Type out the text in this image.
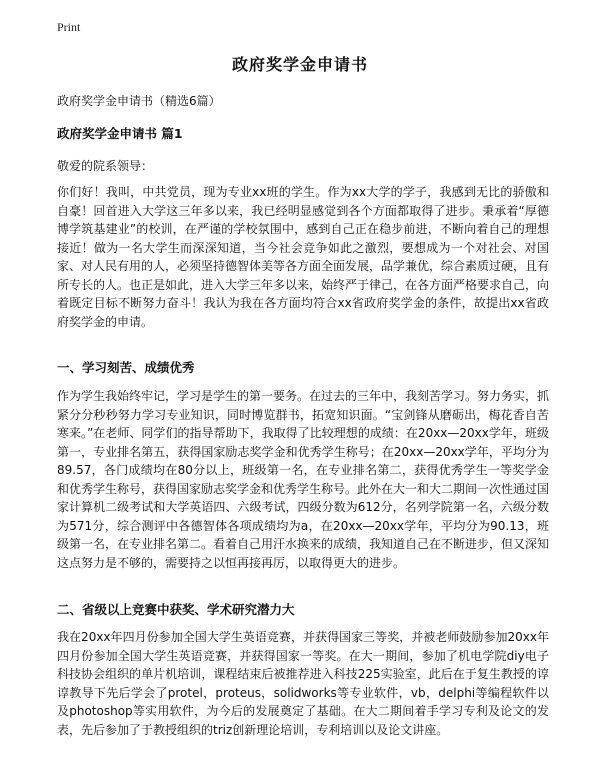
Print
政府奖学金申请书
政府奖学金申请书（精选6篇）
政府奖学金申请书 篇1
敬爱的院系领导：

你们好！我叫，中共党员，现为专业xx班的学生。作为xx大学的学子，我感到无比的骄傲和自豪！回首进入大学这三年多以来，我已经明显感觉到各个方面都取得了进步。秉承着“厚德博学筑基建业”的校训，在严谨的学校氛围中，感到自己正在稳步前进，不断向着自己的理想接近！做为一名大学生而深深知道，当今社会竞争如此之激烈，要想成为一个对社会、对国家、对人民有用的人，必须坚持德智体美等各方面全面发展，品学兼优，综合素质过硬，且有所专长的人。也正是如此，进入大学三年多以来，始终严于律己，在各方面严格要求自己，向着既定目标不断努力奋斗！我认为我在各方面均符合xx省政府奖学金的条件，故提出xx省政府奖学金的申请。

一、学习刻苦、成绩优秀

作为学生我始终牢记，学习是学生的第一要务。在过去的三年中，我刻苦学习。努力务实，抓紧分分秒秒努力学习专业知识，同时博览群书，拓宽知识面。“宝剑锋从磨砺出，梅花香自苦寒来。”在老师、同学们的指导帮助下，我取得了比较理想的成绩：在20xx—20xx学年，班级第一，专业排名第五，获得国家励志奖学金和优秀学生称号；在20xx—20xx学年，平均分为89.57，各门成绩均在80分以上，班级第一名，在专业排名第二，获得优秀学生一等奖学金和优秀学生称号，获得国家励志奖学金和优秀学生称号。此外在大一和大二期间一次性通过国家计算机二级考试和大学英语四、六级考试，四级分数为612分，名列学院第一名，六级分数为571分，综合测评中各德智体各项成绩均为a，在20xx—20xx学年，平均分为90.13，班级第一名，在专业排名第二。看着自己用汗水换来的成绩，我知道自己在不断进步，但又深知这点努力是不够的，需要持之以恒再接再厉，以取得更大的进步。

二、省级以上竞赛中获奖、学术研究潜力大

我在20xx年四月份参加全国大学生英语竞赛，并获得国家三等奖，并被老师鼓励参加20xx年四月份参加全国大学生英语竞赛，并获得国家一等奖。在大一期间，参加了机电学院diy电子科技协会组织的单片机培训，课程结束后被推荐进入科技225实验室，此后在于复生教授的谆谆教导下先后学会了protel，proteus，solidworks等专业软件，vb，delphi等编程软件以及photoshop等实用软件，为今后的发展奠定了基础。在大二期间着手学习专利及论文的发表，先后参加了于教授组织的triz创新理论培训，专利培训以及论文讲座。
